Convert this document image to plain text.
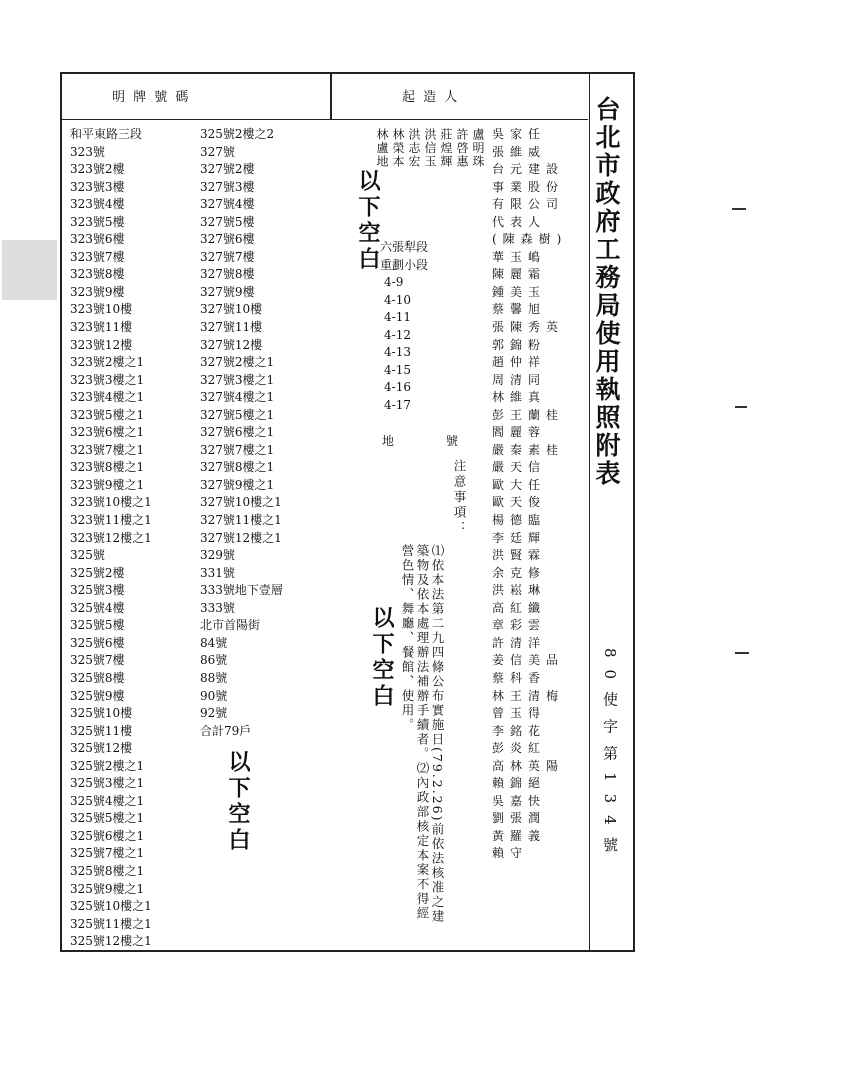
明 牌 號 碼	起 造 人
和平東路三段
323號
323號2樓
323號3樓
323號4樓
323號5樓
323號6樓
323號7樓
323號8樓
323號9樓
323號10樓
323號11樓
323號12樓
323號2樓之1
323號3樓之1
323號4樓之1
323號5樓之1
323號6樓之1
323號7樓之1
323號8樓之1
323號9樓之1
323號10樓之1
323號11樓之1
323號12樓之1
325號
325號2樓
325號3樓
325號4樓
325號5樓
325號6樓
325號7樓
325號8樓
325號9樓
325號10樓
325號11樓
325號12樓
325號2樓之1
325號3樓之1
325號4樓之1
325號5樓之1
325號6樓之1
325號7樓之1
325號8樓之1
325號9樓之1
325號10樓之1
325號11樓之1
325號12樓之1
325號2樓之2
327號
327號2樓
327號3樓
327號4樓
327號5樓
327號6樓
327號7樓
327號8樓
327號9樓
327號10樓
327號11樓
327號12樓
327號2樓之1
327號3樓之1
327號4樓之1
327號5樓之1
327號6樓之1
327號7樓之1
327號8樓之1
327號9樓之1
327號10樓之1
327號11樓之1
327號12樓之1
329號
331號
333號地下壹層
333號
北市首陽街
84號
86號
88號
90號
92號
合計79戶
以下空白
以下空白
以下空白
盧明珠
許啓惠
莊煌輝
洪信玉
洪志宏
林榮本
林盧地
六張犁段
重劃小段
4-9
4-10
4-11
4-12
4-13
4-15
4-16
4-17
地 號
注意事項：
⑴依本法第二九四條公布實施日(79.2.26)前依法核准之建築物及依本處理辦法補辦手續者。⑵內政部核定本案不得經營色情、舞廳、餐館、使用。
吳家任
張維威
台元建設
事業股份
有限公司
代表人
(陳森樹)
華玉嶋
陳麗霜
鍾美玉
蔡馨旭
張陳秀英
郭錦粉
趙仲祥
周清同
林維真
彭王蘭桂
閻麗蓉
嚴秦素桂
嚴天信
歐大任
歐天俊
楊德臨
李廷輝
洪賢霖
余克修
洪崧琳
高紅纖
章彩雲
許清洋
姜信美品
蔡科香
林王清梅
曾玉得
李銘花
彭炎紅
高林英陽
賴錦絕
吳嘉快
劉張潤
黃羅義
賴守
台北市政府工務局使用執照附表
80使字第134號
